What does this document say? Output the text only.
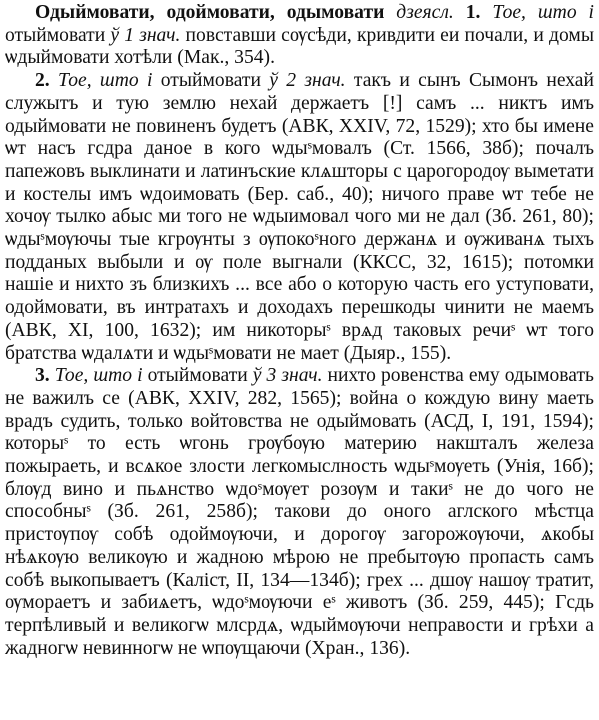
Одыймовати, одоймовати, одымовати дзеясл. 1. Тое, што і отыймовати ў 1 знач. повставши сѹсѣди, кривдити еи почали, и домы ѡдыймовати хотѣли (Мак., 354).

2. Тое, што і отыймовати ў 2 знач. такъ и сынъ Сымонъ нехай служытъ и тую землю нехай держаетъ [!] самъ ... никтъ имъ одыймовати не повиненъ будетъ (АВК, XXIV, 72, 1529); хто бы имене ѡт насъ гсдра даное в кого ѡдыˢмовалъ (Ст. 1566, 38б); почалъ папежовъ выклинати и латинъские клѧшторы с царогородѹ выметати и костелы имъ ѡдоимовать (Бер. саб., 40); ничого праве ѡт тебе не хочѹ тылко абыс ми того не ѡдыимовал чого ми не дал (Зб. 261, 80); ѡдыˢмѹючы тые кгрѹнты з ѹпокоˢного держанѧ и ѹживанѧ тыхъ подданых выбыли и ѹ поле выгнали (ККСС, 32, 1615); потомки нашіе и нихто зъ близкихъ ... все або о которую часть его уступовати, одоймовати, въ интратахъ и доходахъ перешкоды чинити не маемъ (АВК, XI, 100, 1632); им никоторыˢ врѧд таковых речиˢ ѡт того братства ѡдалѧти и ѡдыˢмовати не мает (Дыяр., 155).

3. Тое, што і отыймовати ў 3 знач. нихто ровенства ему одымовать не важилъ се (АВК, XXIV, 282, 1565); война о кождую вину маеть врадъ судить, только войтовства не одыймовать (АСД, I, 191, 1594); которыˢ то есть ѡгонь грѹбѹю материю накшталъ железа пожыраеть, и всѧкое злости легкомыслность ѡдыˢмѹеть (Унія, 16б); блѹд вино и пьѧнство ѡдоˢмѹет розѹм и такиˢ не до чого не способныˢ (Зб. 261, 258б); такови до оного аглского мѣстца пристѹпѹ собѣ одоймѹючи, и дорогѹ загорожѹючи, ѧкобы нѣѧкѹю великѹю и жадною мѣрою не пребытѹю пропасть самъ собѣ выкопываетъ (Каліст, II, 134—134б); грех ... дшѹ нашѹ тратит, ѹмораетъ и забиѧетъ, ѡдоˢмѹючи еˢ животъ (Зб. 259, 445); Гсдь терпѣливый и великогѡ млсрдѧ, ѡдыймѹючи неправости и грѣхи а жадногѡ невинногѡ не ѡпѹщаючи (Хран., 136).
